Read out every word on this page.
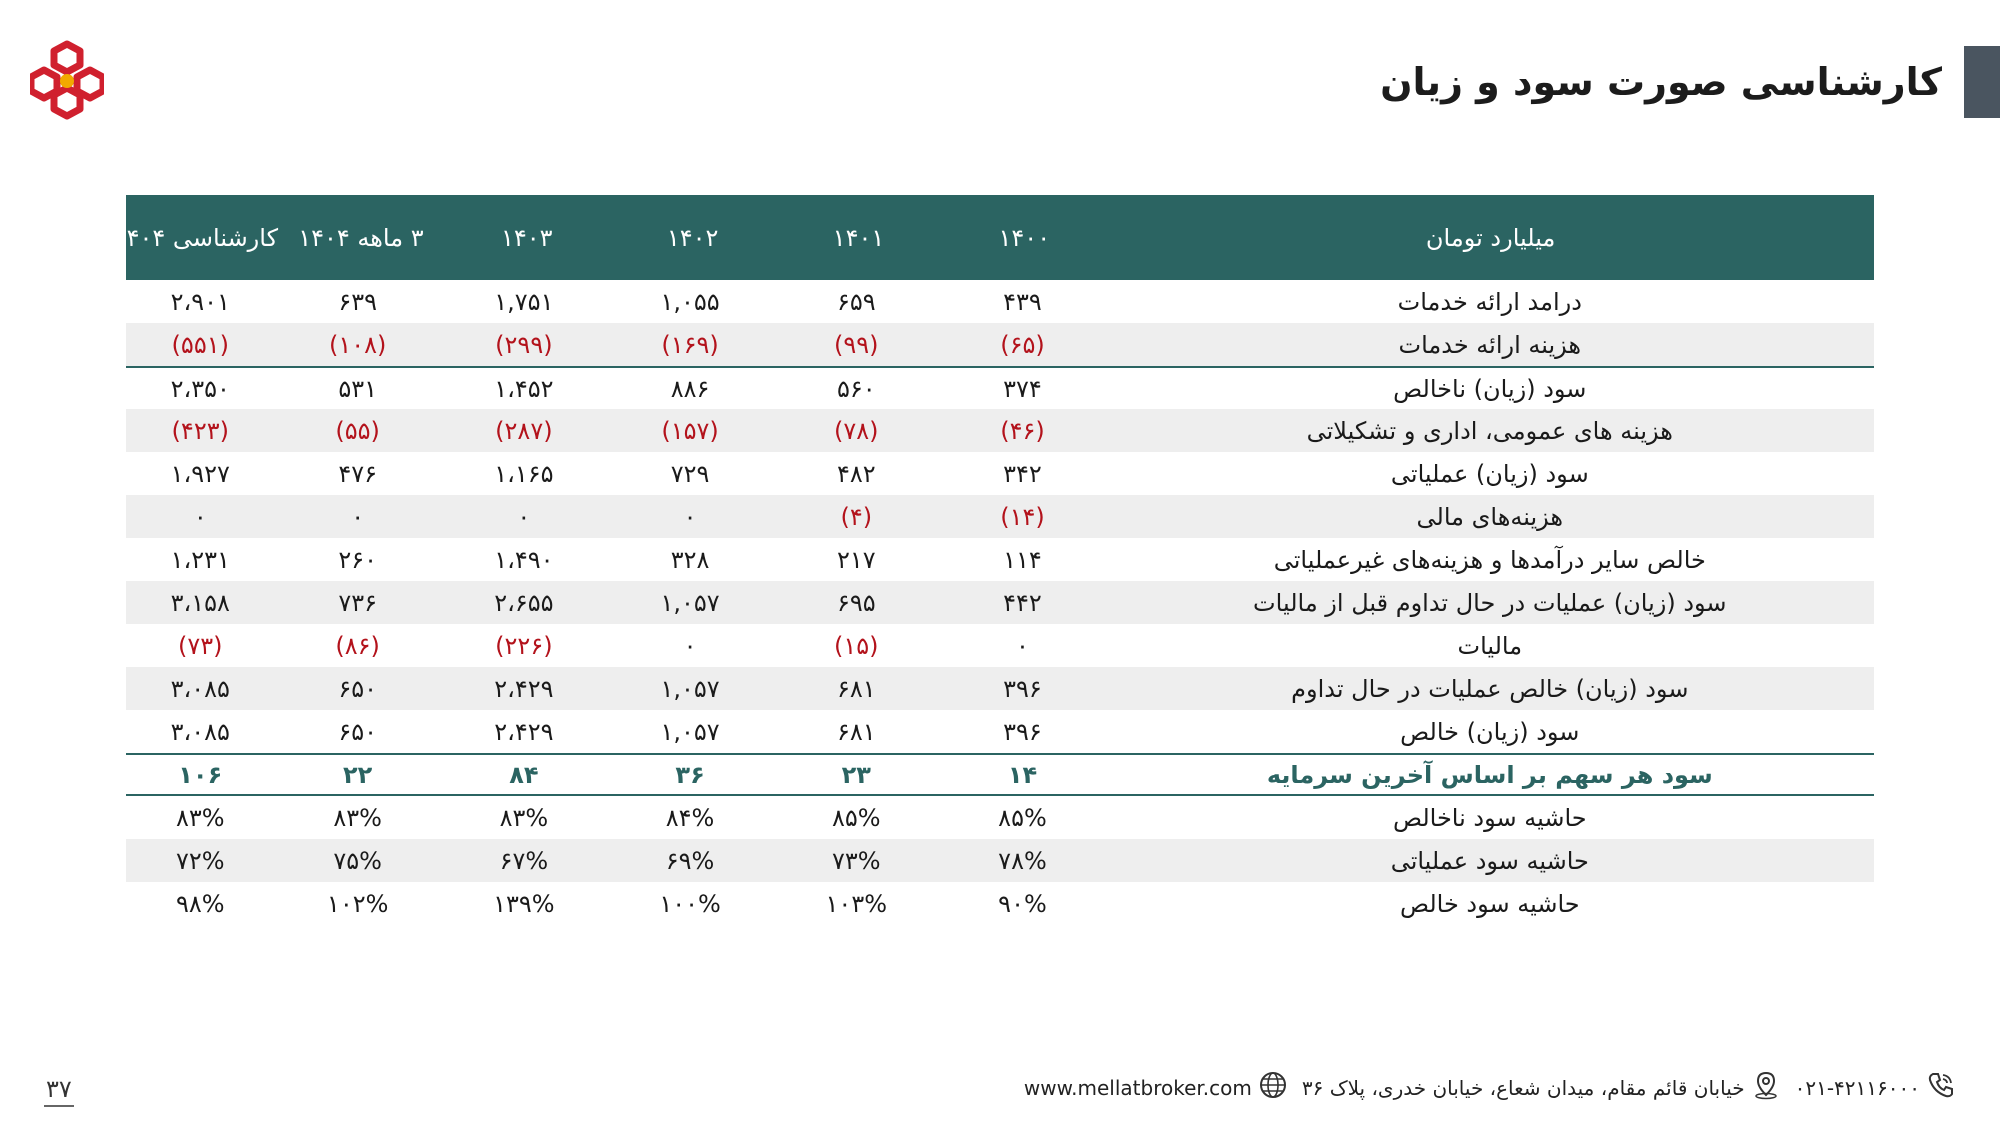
کارشناسی صورت سود و زیان
میلیارد تومان
۱۴۰۰
۱۴۰۱
۱۴۰۲
۱۴۰۳
۳ ماهه ۱۴۰۴
کارشناسی ۱۴۰۴
درامد ارائه خدمات
۴۳۹
۶۵۹
۱,۰۵۵
۱,۷۵۱
۶۳۹
۲،۹۰۱
هزینه ارائه خدمات
(۶۵)
(۹۹)
(۱۶۹)
(۲۹۹)
(۱۰۸)
(۵۵۱)
سود (زیان) ناخالص
۳۷۴
۵۶۰
۸۸۶
۱،۴۵۲
۵۳۱
۲،۳۵۰
هزینه های عمومی، اداری و تشکیلاتی
(۴۶)
(۷۸)
(۱۵۷)
(۲۸۷)
(۵۵)
(۴۲۳)
سود (زیان) عملیاتی
۳۴۲
۴۸۲
۷۲۹
۱،۱۶۵
۴۷۶
۱،۹۲۷
هزینه‌های مالی
(۱۴)
(۴)
۰
۰
۰
۰
خالص سایر درآمدها و هزینه‌های غیرعملیاتی
۱۱۴
۲۱۷
۳۲۸
۱،۴۹۰
۲۶۰
۱،۲۳۱
سود (زیان) عملیات در حال تداوم قبل از مالیات
۴۴۲
۶۹۵
۱,۰۵۷
۲،۶۵۵
۷۳۶
۳،۱۵۸
مالیات
۰
(۱۵)
۰
(۲۲۶)
(۸۶)
(۷۳)
سود (زیان) خالص عملیات در حال تداوم
۳۹۶
۶۸۱
۱,۰۵۷
۲،۴۲۹
۶۵۰
۳،۰۸۵
سود (زیان) خالص
۳۹۶
۶۸۱
۱,۰۵۷
۲،۴۲۹
۶۵۰
۳،۰۸۵
سود هر سهم بر اساس آخرین سرمایه
۱۴
۲۳
۳۶
۸۴
۲۲
۱۰۶
حاشیه سود ناخالص
۸۵%
۸۵%
۸۴%
۸۳%
۸۳%
۸۳%
حاشیه سود عملیاتی
۷۸%
۷۳%
۶۹%
۶۷%
۷۵%
۷۲%
حاشیه سود خالص
۹۰%
۱۰۳%
۱۰۰%
۱۳۹%
۱۰۲%
۹۸%
۳۷	۰۲۱-۴۲۱۱۶۰۰۰
خیابان قائم مقام، میدان شعاع، خیابان خدری، پلاک ۳۶
www.mellatbroker.com
